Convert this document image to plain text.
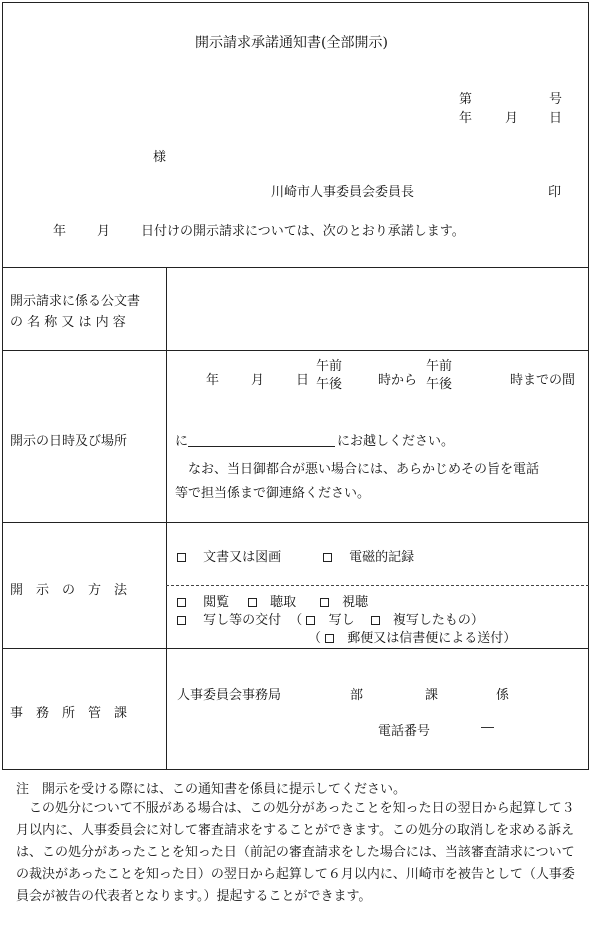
開示請求承諾通知書(全部開示)
第	号
年	月 日
様
川崎市人事委員会委員長	印
年 月 日付けの開示請求については、次のとおり承諾します。
開示請求に係る公文書
の 名 称 又 は 内 容
開示の日時及び場所
年 月 日
午前
午後	時から
午前
午後	時までの間
に	にお越しください。
なお、当日御都合が悪い場合には、あらかじめその旨を電話
等で担当係まで御連絡ください。
開　示　の　方　法
文書又は図画	電磁的記録
閲覧	聴取	視聴
写し等の交付 （ 写し	複写したもの）
（ 郵便又は信書便による送付）
事　務　所　管　課
人事委員会事務局	部	課	係
電話番号	―
注　開示を受ける際には、この通知書を係員に提示してください。
この処分について不服がある場合は、この処分があったことを知った日の翌日から起算して３月以内に、人事委員会に対して審査請求をすることができます。この処分の取消しを求める訴えは、この処分があったことを知った日（前記の審査請求をした場合には、当該審査請求についての裁決があったことを知った日）の翌日から起算して６月以内に、川崎市を被告として（人事委員会が被告の代表者となります。）提起することができます。
